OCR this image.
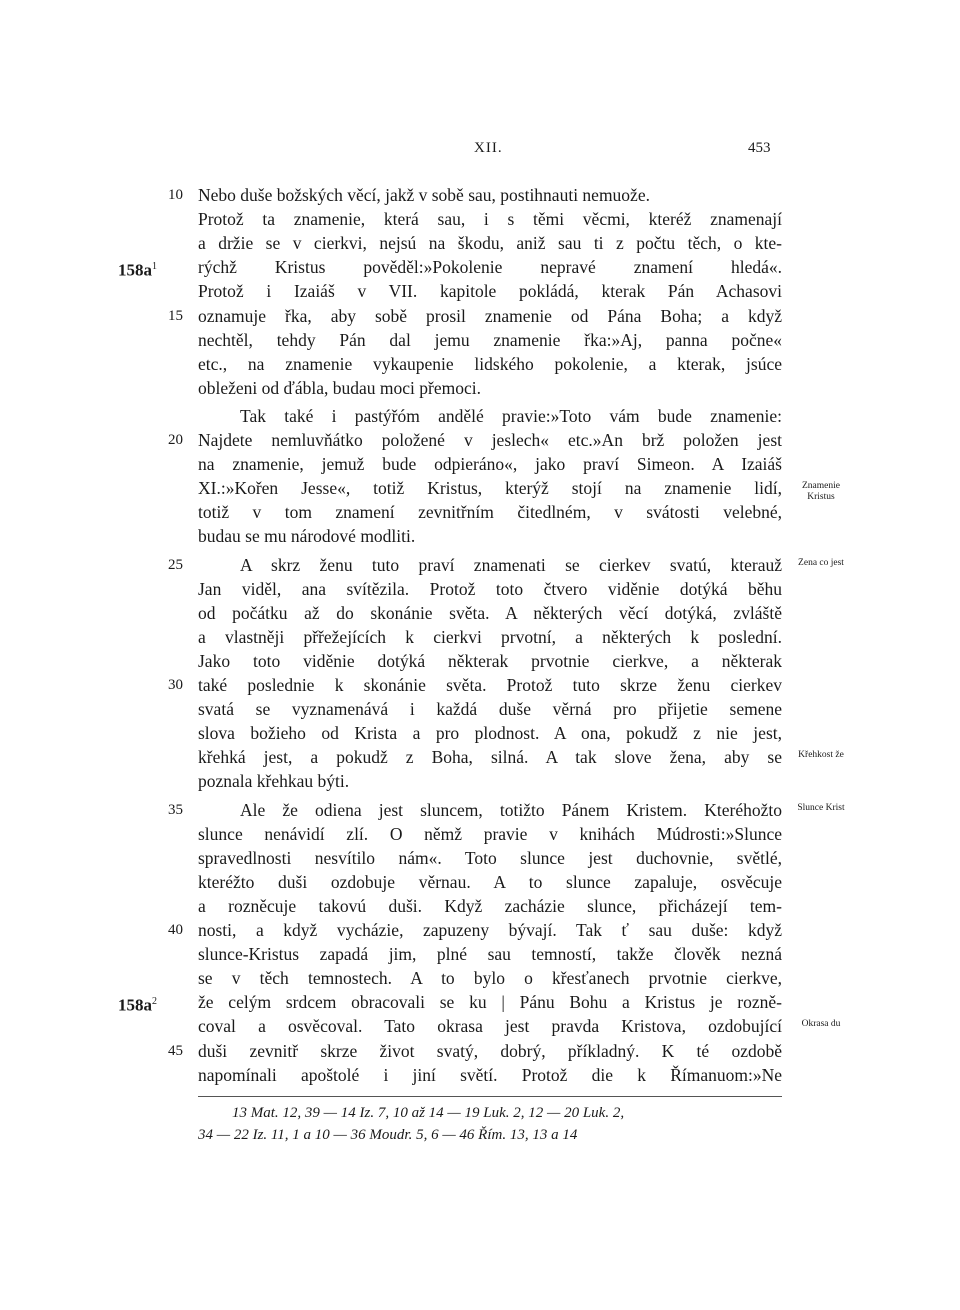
XII.	453
Nebo duše božských věcí, jakž v sobě sau, postihnauti nemuože.
10
Protož ta znamenie, která sau, i s těmi věcmi, kteréž znamenají
a držie se v cierkvi, nejsú na škodu, aniž sau ti z počtu těch, o kte-
rýchž Kristus pověděl:»Pokolenie nepravé znamení hledá«.
Protož i Izaiáš v VII. kapitole pokládá, kterak Pán Achasovi
oznamuje řka, aby sobě prosil znamenie od Pána Boha; a když
15
nechtěl, tehdy Pán dal jemu znamenie řka:»Aj, panna počne«
etc., na znamenie vykaupenie lidského pokolenie, a kterak, jsúce
obleženi od ďábla, budau moci přemoci.
Tak také i pastýřóm andělé pravie:»Toto vám bude znamenie:
Najdete nemluvňátko položené v jeslech« etc.»An brž položen jest
20
na znamenie, jemuž bude odpieráno«, jako praví Simeon. A Izaiáš
XI.:»Kořen Jesse«, totiž Kristus, kterýž stojí na znamenie lidí,
totiž v tom znamení zevnitřním čitedlném, v svátosti velebné,
budau se mu národové modliti.
A skrz ženu tuto praví znamenati se cierkev svatú, kterauž
25
Jan viděl, ana svítězila. Protož toto čtvero viděnie dotýká běhu
od počátku až do skonánie světa. A některých věcí dotýká, zvláště
a vlastněji přřežejících k cierkvi prvotní, a některých k poslední.
Jako toto viděnie dotýká některak prvotnie cierkve, a některak
také poslednie k skonánie světa. Protož tuto skrze ženu cierkev
30
svatá se vyznamenává i každá duše věrná pro přijetie semene
slova božieho od Krista a pro plodnost. A ona, pokudž z nie jest,
křehká jest, a pokudž z Boha, silná. A tak slove žena, aby se
poznala křehkau býti.
Ale že odiena jest sluncem, totižto Pánem Kristem. Kteréhožto
35
slunce nenávidí zlí. O němž pravie v knihách Múdrosti:»Slunce
spravedlnosti nesvítilo nám«. Toto slunce jest duchovnie, světlé,
kteréžto duši ozdobuje věrnau. A to slunce zapaluje, osvěcuje
a rozněcuje takovú duši. Když zacházie slunce, přicházejí tem-
nosti, a když vycházie, zapuzeny bývají. Tak ť sau duše: když
40
slunce-Kristus zapadá jim, plné sau temností, takže člověk nezná
se v těch temnostech. A to bylo o křesťanech prvotnie cierkve,
že celým srdcem obracovali se ku | Pánu Bohu a Kristus je rozně-
coval a osvěcoval. Tato okrasa jest pravda Kristova, ozdobující
duši zevnitř skrze život svatý, dobrý, příkladný. K té ozdobě
45
napomínali apoštolé i jiní světí. Protož die k Římanuom:»Ne
$158a^1$
$158a^2$
Znamenie
Kristus
Žena co jest
Křehkost že
Slunce Krist
Okrasa du
13 Mat. 12, 39 — 14 Iz. 7, 10 až 14 — 19 Luk. 2, 12 — 20 Luk. 2,
34 — 22 Iz. 11, 1 a 10 — 36 Moudr. 5, 6 — 46 Řím. 13, 13 a 14
